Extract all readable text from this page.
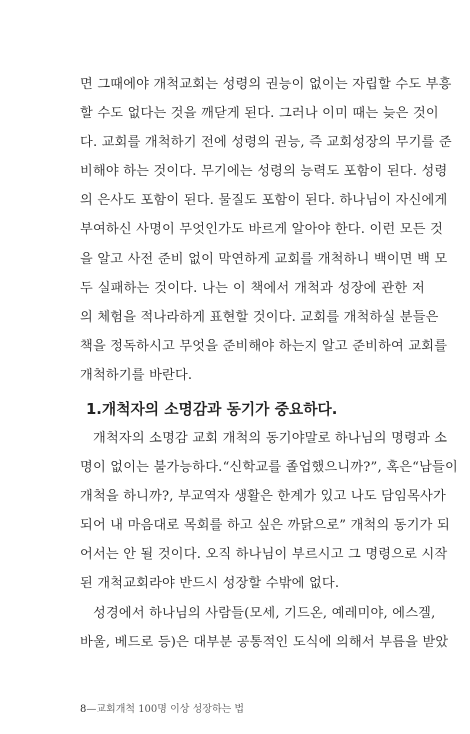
면 그때에야 개척교회는 성령의 권능이 없이는 자립할 수도 부흥
할 수도 없다는 것을 깨닫게 된다. 그러나 이미 때는 늦은 것이
다. 교회를 개척하기 전에 성령의 권능, 즉 교회성장의 무기를 준
비해야 하는 것이다. 무기에는 성령의 능력도 포함이 된다. 성령
의 은사도 포함이 된다. 물질도 포함이 된다. 하나님이 자신에게
부여하신 사명이 무엇인가도 바르게 알아야 한다. 이런 모든 것
을 알고 사전 준비 없이 막연하게 교회를 개척하니 백이면 백 모
두 실패하는 것이다. 나는 이 책에서 개척과 성장에 관한 저
의 체험을 적나라하게 표현할 것이다. 교회를 개척하실 분들은
책을 정독하시고 무엇을 준비해야 하는지 알고 준비하여 교회를
개척하기를 바란다.
1.개척자의 소명감과 동기가 중요하다.
개척자의 소명감 교회 개척의 동기야말로 하나님의 명령과 소
명이 없이는 불가능하다.“신학교를 졸업했으니까?”, 혹은“남들이
개척을 하니까?, 부교역자 생활은 한계가 있고 나도 담임목사가
되어 내 마음대로 목회를 하고 싶은 까닭으로” 개척의 동기가 되
어서는 안 될 것이다. 오직 하나님이 부르시고 그 명령으로 시작
된 개척교회라야 반드시 성장할 수밖에 없다.
성경에서 하나님의 사람들(모세, 기드온, 예레미야, 에스겔,
바울, 베드로 등)은 대부분 공통적인 도식에 의해서 부름을 받았
8—교회개척 100명 이상 성장하는 법
